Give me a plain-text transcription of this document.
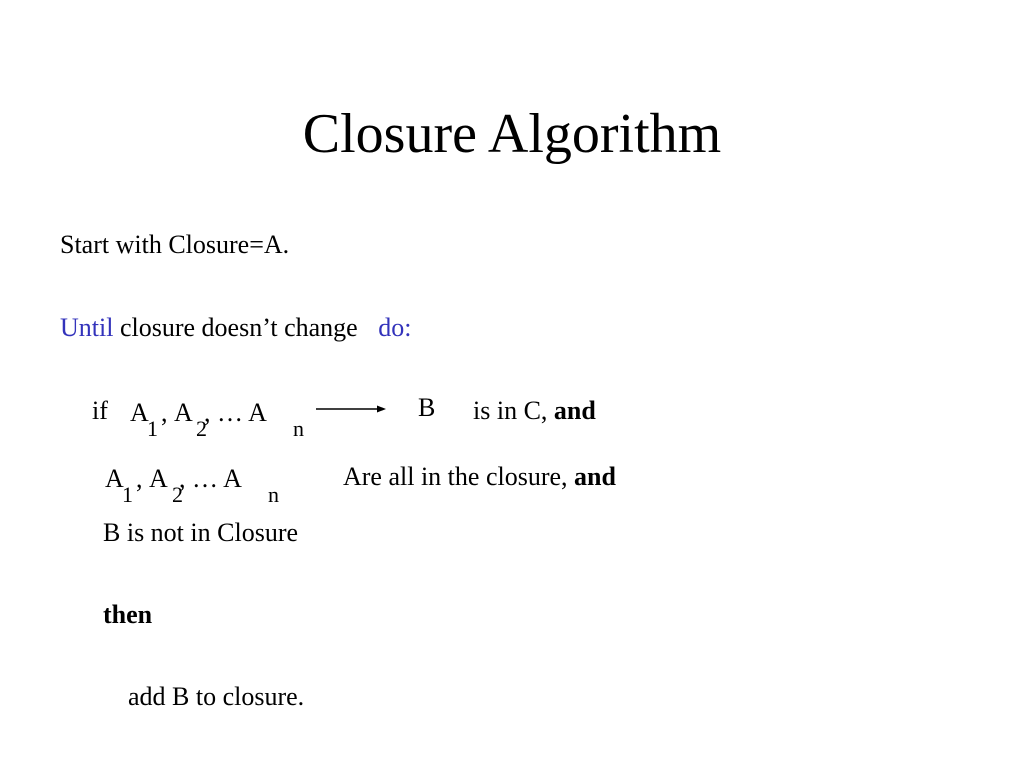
Closure Algorithm
Start with Closure=A.
Until closure doesn’t change do:
if A
1
, A
2
, … A
n
B is in C, and
A
1
, A
2
, … A
n
Are all in the closure, and
B is not in Closure
then
add B to closure.
